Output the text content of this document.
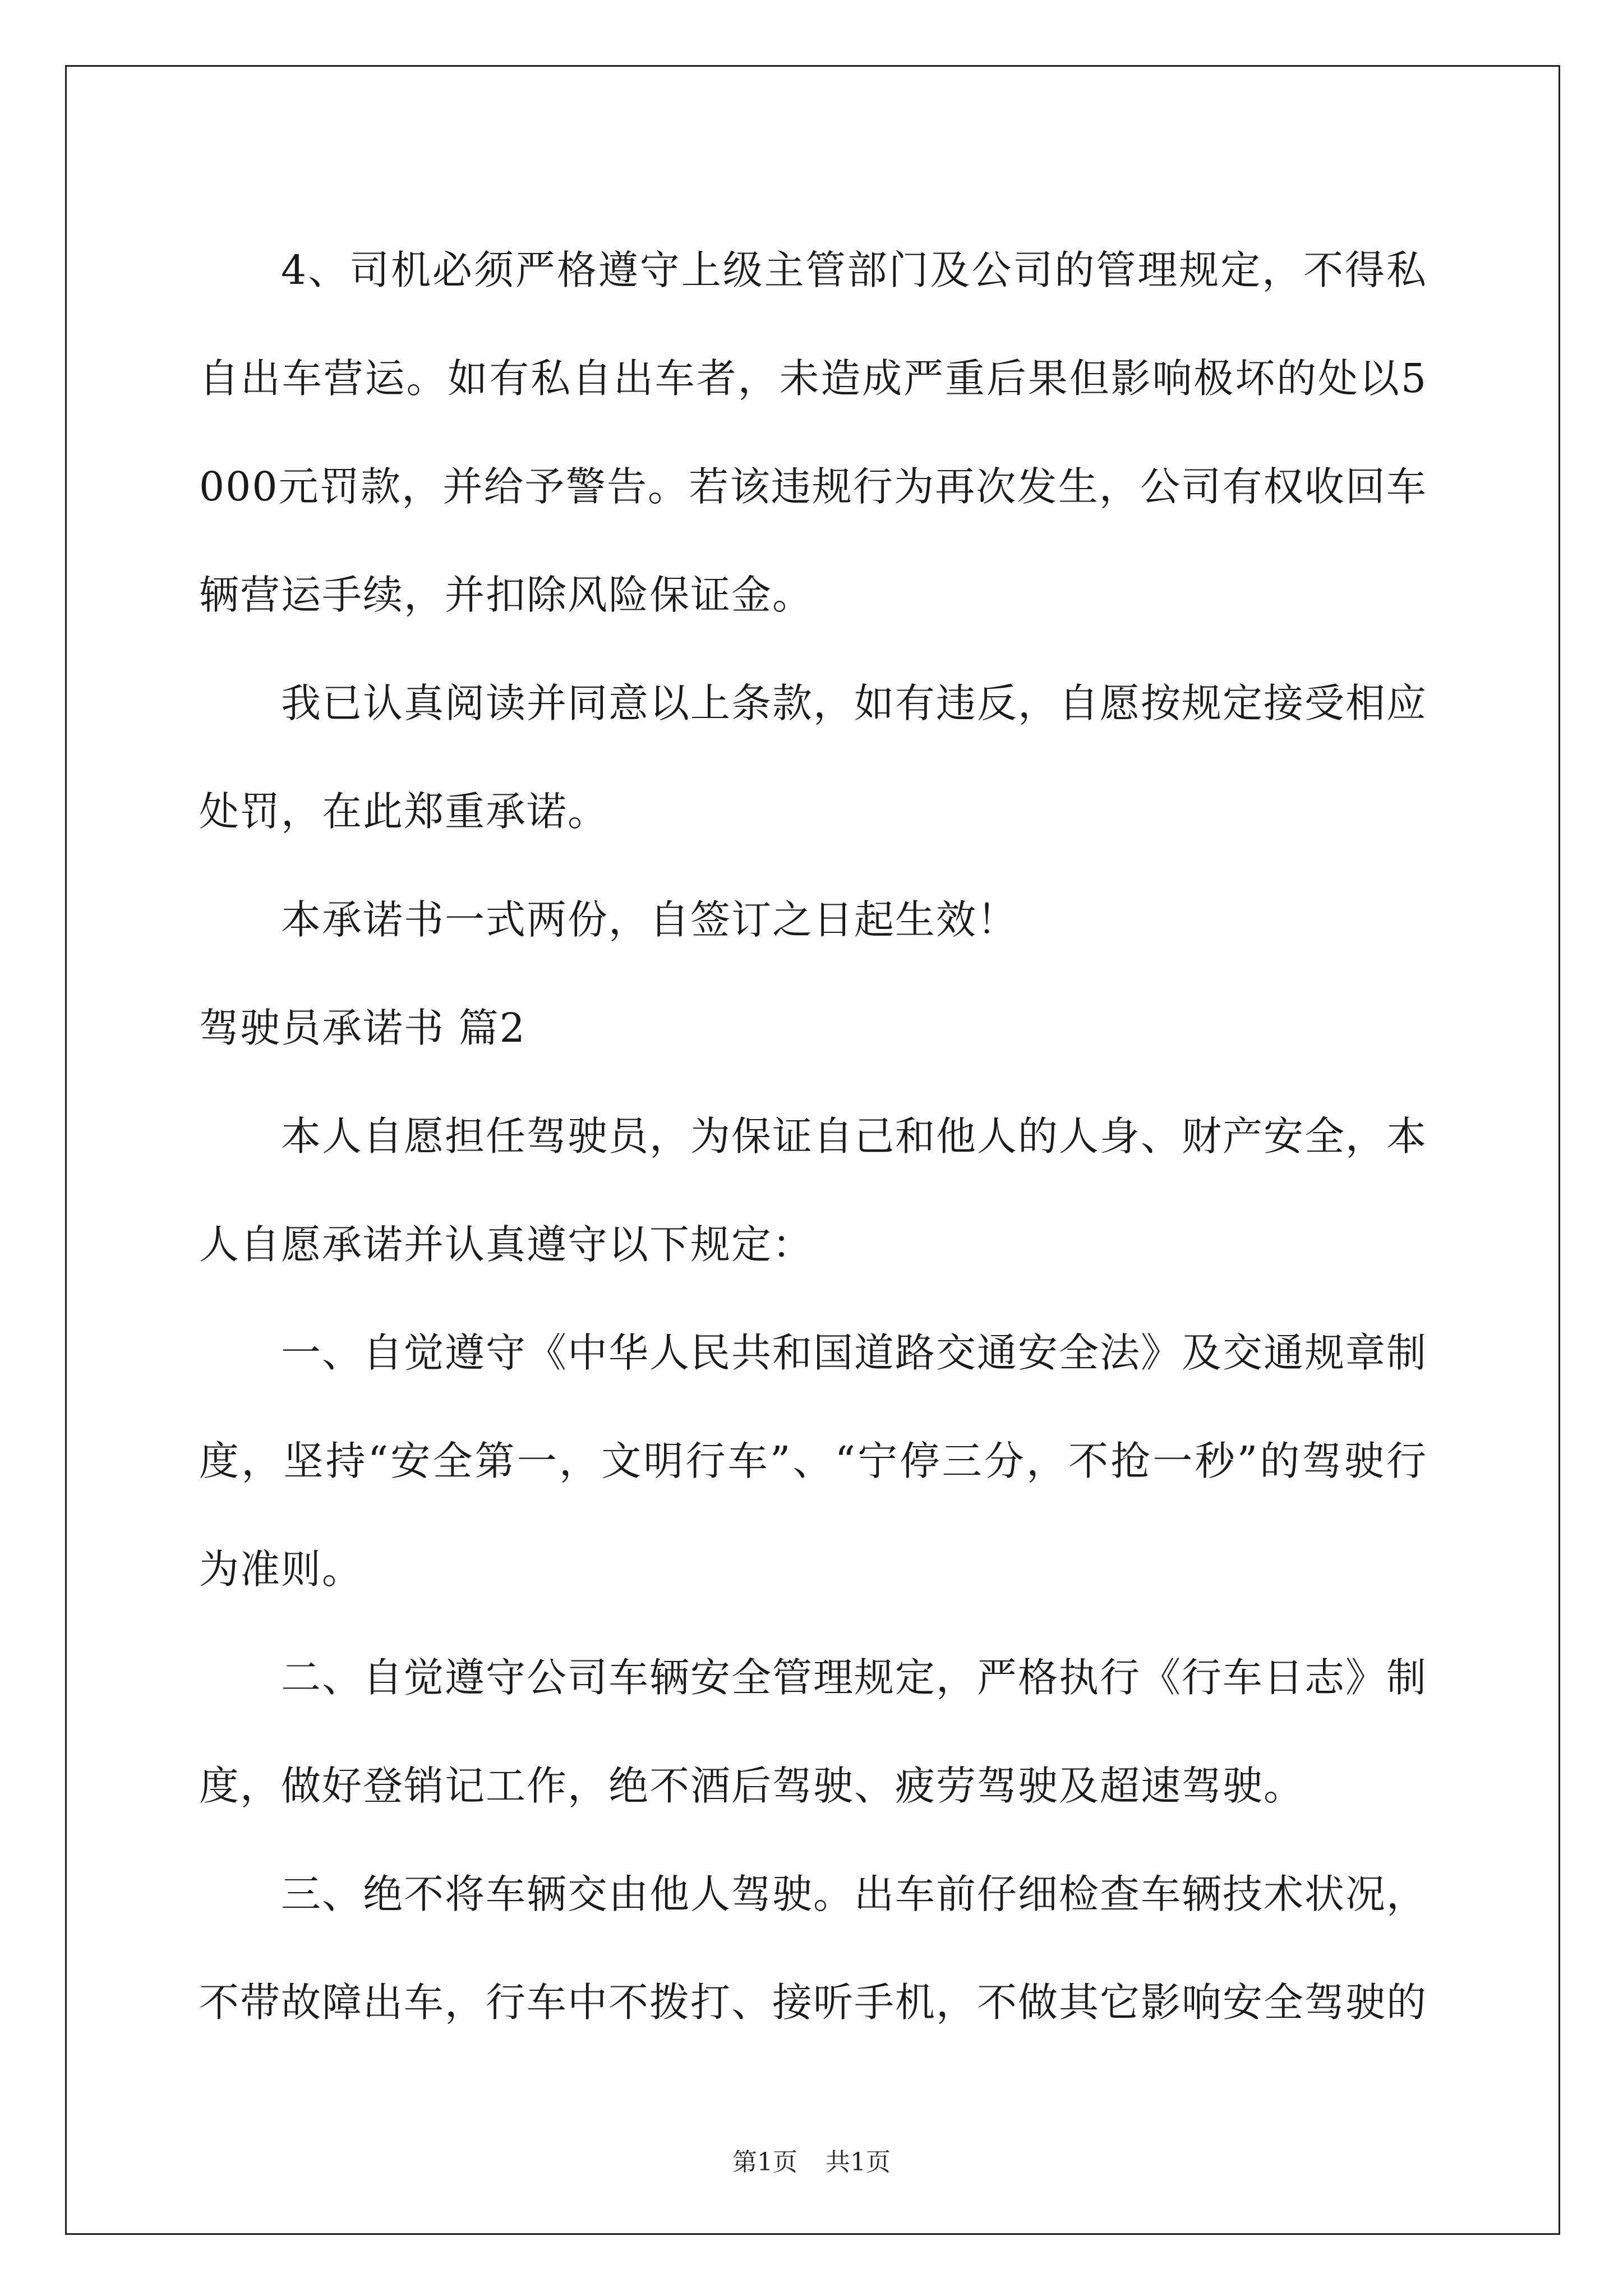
4、司机必须严格遵守上级主管部门及公司的管理规定，不得私自出车营运。如有私自出车者，未造成严重后果但影响极坏的处以5000元罚款，并给予警告。若该违规行为再次发生，公司有权收回车辆营运手续，并扣除风险保证金。

我已认真阅读并同意以上条款，如有违反，自愿按规定接受相应处罚，在此郑重承诺。

本承诺书一式两份，自签订之日起生效！

驾驶员承诺书 篇2

本人自愿担任驾驶员，为保证自己和他人的人身、财产安全，本人自愿承诺并认真遵守以下规定：

一、自觉遵守《中华人民共和国道路交通安全法》及交通规章制度，坚持“安全第一，文明行车”、“宁停三分，不抢一秒”的驾驶行为准则。

二、自觉遵守公司车辆安全管理规定，严格执行《行车日志》制度，做好登销记工作，绝不酒后驾驶、疲劳驾驶及超速驾驶。

三、绝不将车辆交由他人驾驶。出车前仔细检查车辆技术状况，不带故障出车，行车中不拨打、接听手机，不做其它影响安全驾驶的

第1页 共1页
